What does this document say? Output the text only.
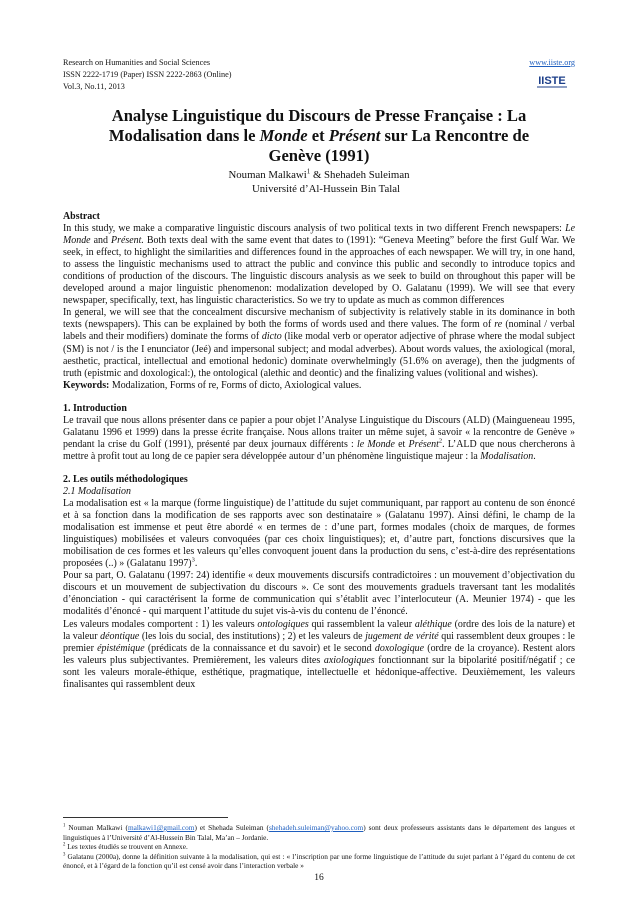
Research on Humanities and Social Sciences
ISSN 2222-1719 (Paper) ISSN 2222-2863 (Online)
Vol.3, No.11, 2013
www.iiste.org
IISTE
Analyse Linguistique du Discours de Presse Française : La
Modalisation dans le Monde et Présent sur La Rencontre de
Genève (1991)
Nouman Malkawi$^1$ & Shehadeh Suleiman
Université d’Al-Hussein Bin Talal

Abstract

In this study, we make a comparative linguistic discours analysis of two political texts in two different French newspapers: Le Monde and Présent. Both texts deal with the same event that dates to (1991): “Geneva Meeting” before the first Gulf War. We seek, in effect, to highlight the similarities and differences found in the approaches of each newspaper. We will try, in one hand, to assess the linguistic mechanisms used to attract the public and convince this public and secondly to introduce topics and conditions of production of the discours. The linguistic discours analysis as we seek to build on throughout this paper will be developed around a major linguistic phenomenon: modalization developed by O. Galatanu (1999). We will see that every newspaper, specifically, text, has linguistic characteristics. So we try to update as much as common differences

In general, we will see that the concealment discursive mechanism of subjectivity is relatively stable in its dominance in both texts (newspapers). This can be explained by both the forms of words used and there values. The form of re (nominal / verbal labels and their modifiers) dominate the forms of dicto (like modal verb or operator adjective of phrase where the modal subject (SM) is not / is the I enunciator (Jeé) and impersonal subject; and modal adverbes). About words values, the axiological (moral, aesthetic, practical, intellectual and emotional hedonic) dominate overwhelmingly (51.6% on average), then the judgments of truth (epistmic and doxological:), the ontological (alethic and deontic) and the finalizing values (volitional and wishes).

Keywords: Modalization, Forms of re, Forms of dicto, Axiological values.

1. Introduction

Le travail que nous allons présenter dans ce papier a pour objet l’Analyse Linguistique du Discours (ALD) (Maingueneau 1995, Galatanu 1996 et 1999) dans la presse écrite française. Nous allons traiter un même sujet, à savoir « la rencontre de Genève » pendant la crise du Golf (1991), présenté par deux journaux différents : le Monde et Présent$^2$. L’ALD que nous chercherons à mettre à profit tout au long de ce papier sera développée autour d’un phénomène linguistique majeur : la Modalisation.

2. Les outils méthodologiques

2.1 Modalisation

La modalisation est « la marque (forme linguistique) de l’attitude du sujet communiquant, par rapport au contenu de son énoncé et à sa fonction dans la modification de ses rapports avec son destinataire » (Galatanu 1997). Ainsi défini, le champ de la modalisation est immense et peut être abordé « en termes de : d’une part, formes modales (choix de marques, de formes linguistiques) mobilisées et valeurs convoquées (par ces choix linguistiques); et, d’autre part, fonctions discursives que la mobilisation de ces formes et les valeurs qu’elles convoquent jouent dans la production du sens, c’est-à-dire des représentations proposées (..) » (Galatanu 1997)$^3$.

Pour sa part, O. Galatanu (1997: 24) identifie « deux mouvements discursifs contradictoires : un mouvement d’objectivation du discours et un mouvement de subjectivation du discours ». Ce sont des mouvements graduels traversant tant les modalités d’énonciation - qui caractérisent la forme de communication qui s’établit avec l’interlocuteur (A. Meunier 1974) - que les modalités d’énoncé - qui marquent l’attitude du sujet vis-à-vis du contenu de l’énoncé.

Les valeurs modales comportent : 1) les valeurs ontologiques qui rassemblent la valeur aléthique (ordre des lois de la nature) et la valeur déontique (les lois du social, des institutions) ; 2) et les valeurs de jugement de vérité qui rassemblent deux groupes : le premier épistémique (prédicats de la connaissance et du savoir) et le second doxologique (ordre de la croyance). Restent alors les valeurs plus subjectivantes. Premièrement, les valeurs dites axiologiques fonctionnant sur la bipolarité positif/négatif ; ce sont les valeurs morale-éthique, esthétique, pragmatique, intellectuelle et hédonique-affective. Deuxièmement, les valeurs finalisantes qui rassemblent deux

$^1$ Nouman Malkawi (malkawi1@gmail.com) et Shehada Suleiman (shehadeh.suleiman@yahoo.com) sont deux professeurs assistants dans le département des langues et linguistiques à l’Université d’Al-Hussein Bin Talal, Ma’an – Jordanie.

$^2$ Les textes étudiés se trouvent en Annexe.

$^3$ Galatanu (2000a), donne la définition suivante à la modalisation, qui est : « l’inscription par une forme linguistique de l’attitude du sujet parlant à l’égard du contenu de cet énoncé, et à l’égard de la fonction qu’il est censé avoir dans l’interaction verbale »

16
